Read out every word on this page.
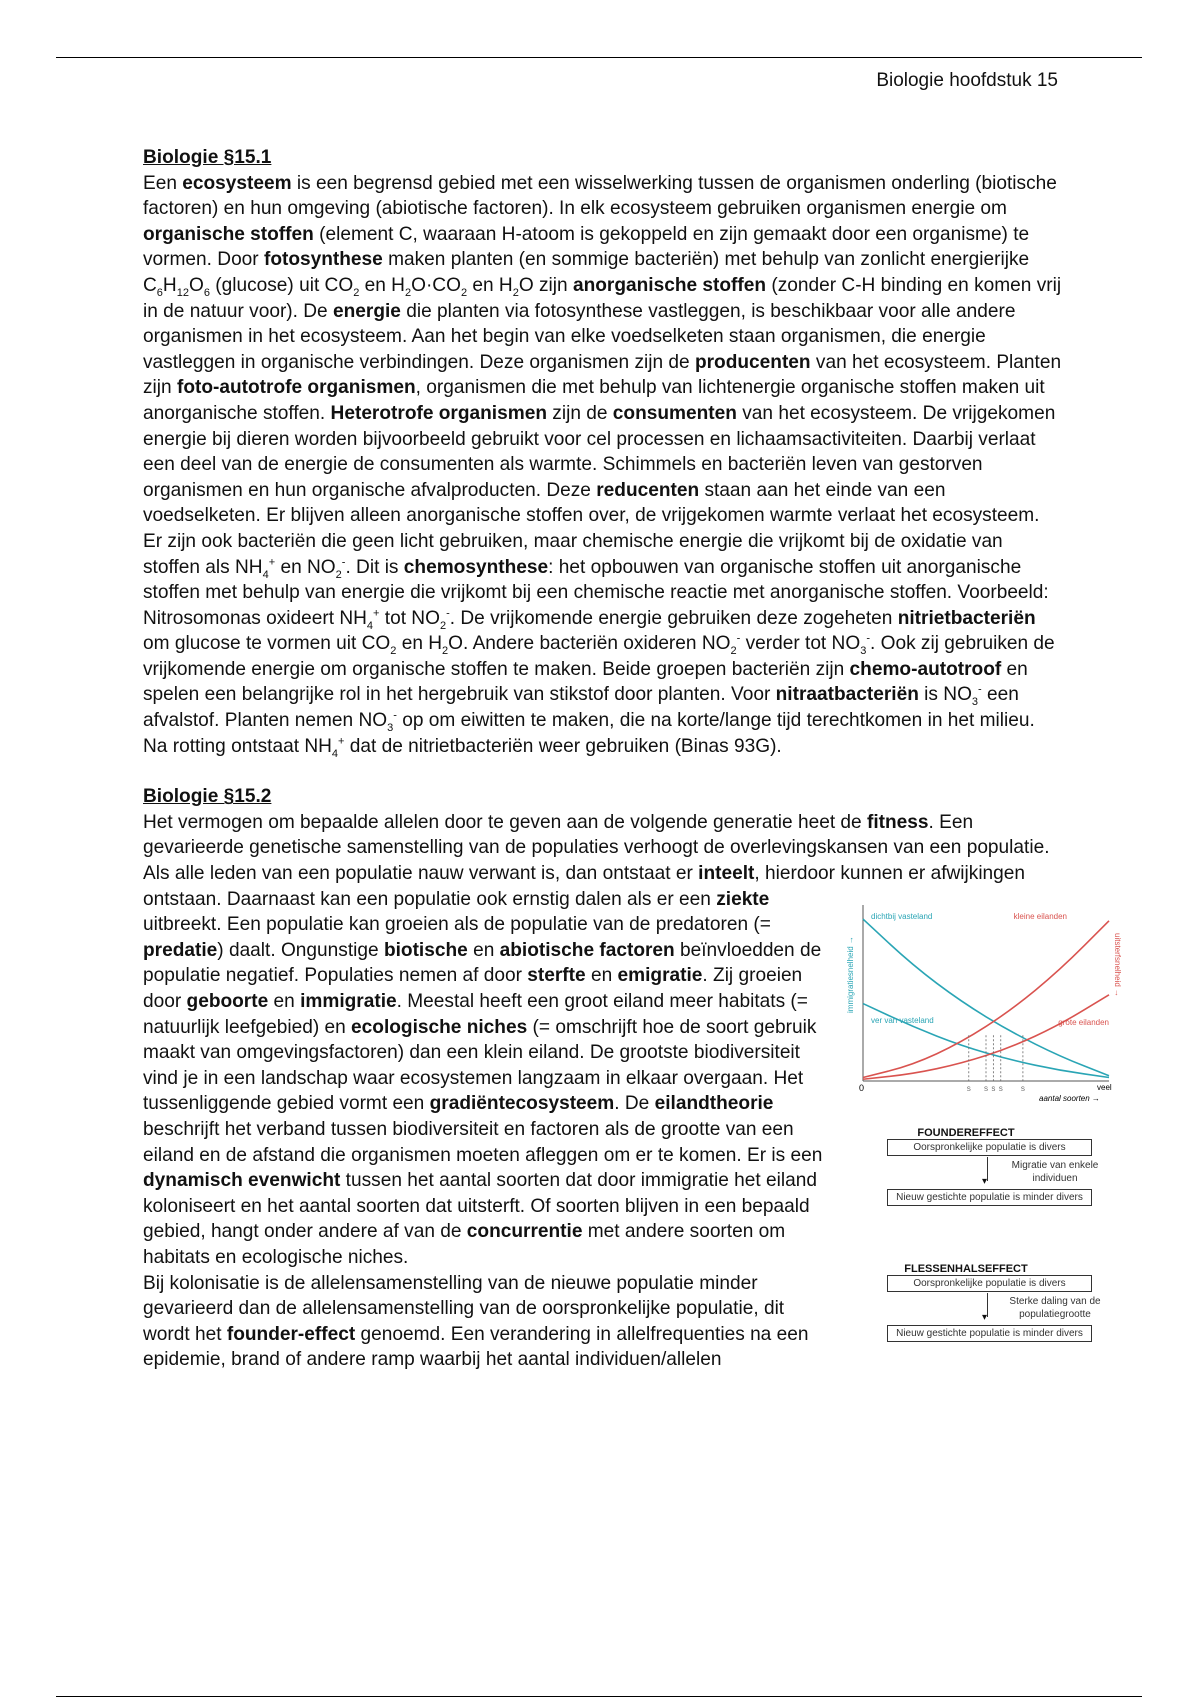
Biologie hoofdstuk 15

Biologie §15.1

Een ecosysteem is een begrensd gebied met een wisselwerking tussen de organismen onderling (biotische factoren) en hun omgeving (abiotische factoren). In elk ecosysteem gebruiken organismen energie om organische stoffen (element C, waaraan H-atoom is gekoppeld en zijn gemaakt door een organisme) te vormen. Door fotosynthese maken planten (en sommige bacteriën) met behulp van zonlicht energierijke $C_6H_{12}O_6$ (glucose) uit $CO_2$ en $H_2O\cdot CO_2$ en $H_2O$ zijn anorganische stoffen (zonder C-H binding en komen vrij in de natuur voor). De energie die planten via fotosynthese vastleggen, is beschikbaar voor alle andere organismen in het ecosysteem. Aan het begin van elke voedselketen staan organismen, die energie vastleggen in organische verbindingen. Deze organismen zijn de producenten van het ecosysteem. Planten zijn foto-autotrofe organismen, organismen die met behulp van lichtenergie organische stoffen maken uit anorganische stoffen. Heterotrofe organismen zijn de consumenten van het ecosysteem. De vrijgekomen energie bij dieren worden bijvoorbeeld gebruikt voor cel processen en lichaamsactiviteiten. Daarbij verlaat een deel van de energie de consumenten als warmte. Schimmels en bacteriën leven van gestorven organismen en hun organische afvalproducten. Deze reducenten staan aan het einde van een voedselketen. Er blijven alleen anorganische stoffen over, de vrijgekomen warmte verlaat het ecosysteem.

Er zijn ook bacteriën die geen licht gebruiken, maar chemische energie die vrijkomt bij de oxidatie van stoffen als $NH_4^+$ en $NO_2^-$. Dit is chemosynthese: het opbouwen van organische stoffen uit anorganische stoffen met behulp van energie die vrijkomt bij een chemische reactie met anorganische stoffen. Voorbeeld: Nitrosomonas oxideert $NH_4^+$ tot $NO_2^-$. De vrijkomende energie gebruiken deze zogeheten nitrietbacteriën om glucose te vormen uit $CO_2$ en $H_2O$. Andere bacteriën oxideren $NO_2^-$ verder tot $NO_3^-$. Ook zij gebruiken de vrijkomende energie om organische stoffen te maken. Beide groepen bacteriën zijn chemo-autotroof en spelen een belangrijke rol in het hergebruik van stikstof door planten. Voor nitraatbacteriën is $NO_3^-$ een afvalstof. Planten nemen $NO_3^-$ op om eiwitten te maken, die na korte/lange tijd terechtkomen in het milieu. Na rotting ontstaat $NH_4^+$ dat de nitrietbacteriën weer gebruiken (Binas 93G).

Biologie §15.2

Het vermogen om bepaalde allelen door te geven aan de volgende generatie heet de fitness. Een gevarieerde genetische samenstelling van de populaties verhoogt de overlevingskansen van een populatie. Als alle leden van een populatie nauw verwant is, dan ontstaat er inteelt, hierdoor kunnen er afwijkingen ontstaan. Daarnaast kan een populatie ook ernstig dalen als er een ziekte
immigratiesnelheid →	uitsterfsnelheid →
0	veel
aantal soorten →
S S S S	S
dichtbij vasteland
ver van vasteland
kleine eilanden
grote eilanden
FOUNDEREFFECT
Oorspronkelijke populatie is divers
▾
Migratie van enkele individuen
Nieuw gestichte populatie is minder divers
FLESSENHALSEFFECT
Oorspronkelijke populatie is divers
▾
Sterke daling van de populatiegrootte
Nieuw gestichte populatie is minder divers
uitbreekt. Een populatie kan groeien als de populatie van de predatoren (= predatie) daalt. Ongunstige biotische en abiotische factoren beïnvloedden de populatie negatief. Populaties nemen af door sterfte en emigratie. Zij groeien door geboorte en immigratie. Meestal heeft een groot eiland meer habitats (= natuurlijk leefgebied) en ecologische niches (= omschrijft hoe de soort gebruik maakt van omgevingsfactoren) dan een klein eiland. De grootste biodiversiteit vind je in een landschap waar ecosystemen langzaam in elkaar overgaan. Het tussenliggende gebied vormt een gradiëntecosysteem. De eilandtheorie beschrijft het verband tussen biodiversiteit en factoren als de grootte van een eiland en de afstand die organismen moeten afleggen om er te komen. Er is een dynamisch evenwicht tussen het aantal soorten dat door immigratie het eiland koloniseert en het aantal soorten dat uitsterft. Of soorten blijven in een bepaald gebied, hangt onder andere af van de concurrentie met andere soorten om habitats en ecologische niches.

Bij kolonisatie is de allelensamenstelling van de nieuwe populatie minder gevarieerd dan de allelensamenstelling van de oorspronkelijke populatie, dit wordt het founder-effect genoemd. Een verandering in allelfrequenties na een epidemie, brand of andere ramp waarbij het aantal individuen/allelen
